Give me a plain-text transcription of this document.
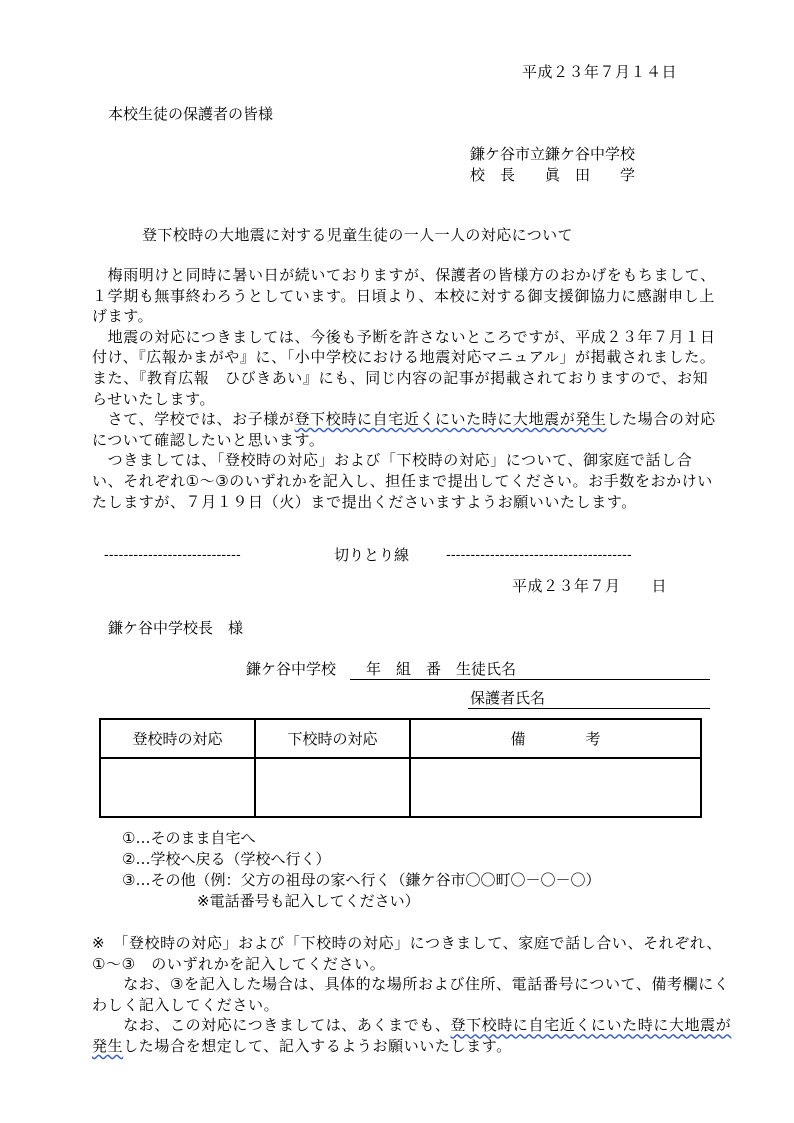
平成２３年７月１４日
本校生徒の保護者の皆様
鎌ケ谷市立鎌ケ谷中学校
校　長　　眞　田　　学
登下校時の大地震に対する児童生徒の一人一人の対応について

　梅雨明けと同時に暑い日が続いておりますが、保護者の皆様方のおかげをもちまして、１学期も無事終わろうとしています。日頃より、本校に対する御支援御協力に感謝申し上げます。

　地震の対応につきましては、今後も予断を許さないところですが、平成２３年７月１日付け、『広報かまがや』に、「小中学校における地震対応マニュアル」が掲載されました。また、『教育広報　ひびきあい』にも、同じ内容の記事が掲載されておりますので、お知らせいたします。

　さて、学校では、お子様が登下校時に自宅近くにいた時に大地震が発生した場合の対応について確認したいと思います。

　つきましては、「登校時の対応」および「下校時の対応」について、御家庭で話し合い、それぞれ①～③のいずれかを記入し、担任まで提出してください。お手数をおかけいたしますが、７月１９日（火）まで提出くださいますようお願いいたします。

----------------------------	切りとり線	--------------------------------------
平成２３年７月　　日
鎌ケ谷中学校長　様
鎌ケ谷中学校　　年　組　番　生徒氏名
保護者氏名
登校時の対応	下校時の対応	備　　　　考

①…そのまま自宅へ
②…学校へ戻る（学校へ行く）
③…その他（例：父方の祖母の家へ行く（鎌ケ谷市〇〇町〇－〇－〇）
　　　　　※電話番号も記入してください）

※　「登校時の対応」および「下校時の対応」につきまして、家庭で話し合い、それぞれ、①～③　のいずれかを記入してください。

　　なお、③を記入した場合は、具体的な場所および住所、電話番号について、備考欄にくわしく記入してください。

　　なお、この対応につきましては、あくまでも、登下校時に自宅近くにいた時に大地震が発生した場合を想定して、記入するようお願いいたします。
